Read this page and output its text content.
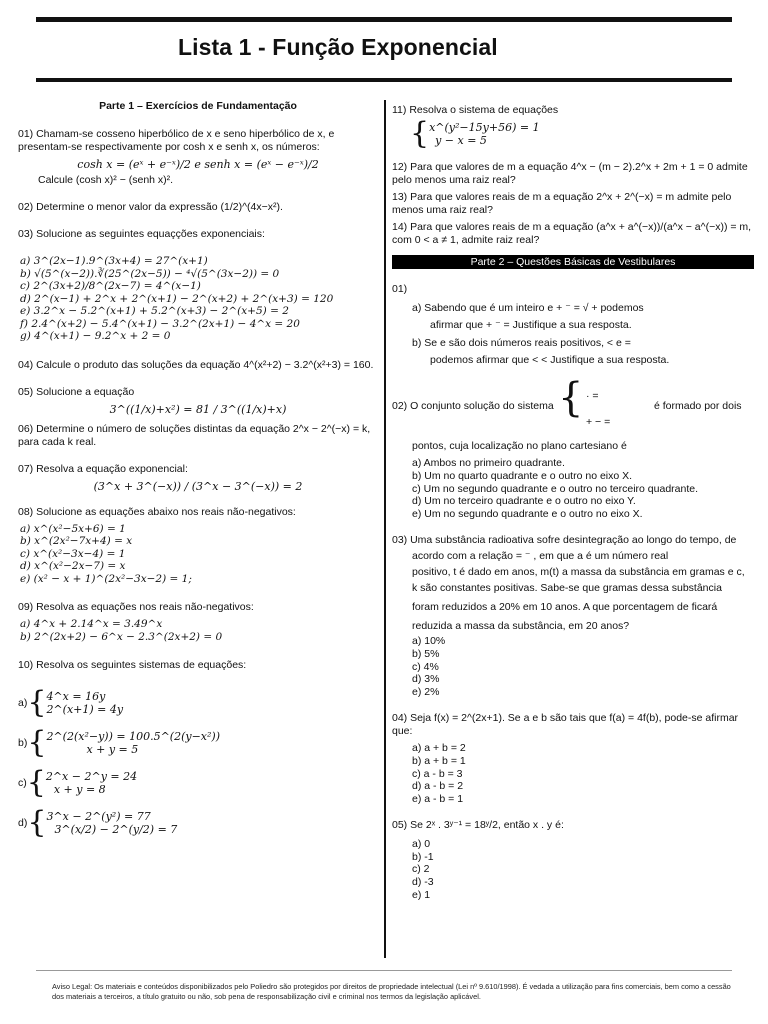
Lista 1 - Função Exponencial
Parte 1 – Exercícios de Fundamentação
01) Chamam-se cosseno hiperbólico de x e seno hiperbólico de x, e presentam-se respectivamente por cosh x e senh x, os números:
cosh x = (eˣ + e⁻ˣ)/2 e senh x = (eˣ − e⁻ˣ)/2
Calcule (cosh x)² − (senh x)².
02) Determine o menor valor da expressão (1/2)^(4x−x²).
03) Solucione as seguintes equaçções exponenciais:
a) 3^(2x−1).9^(3x+4) = 27^(x+1)
b) √(5^(x−2)).∛(25^(2x−5)) − ⁴√(5^(3x−2)) = 0
c) 2^(3x+2)/8^(2x−7) = 4^(x−1)
d) 2^(x−1) + 2^x + 2^(x+1) − 2^(x+2) + 2^(x+3) = 120
e) 3.2^x − 5.2^(x+1) + 5.2^(x+3) − 2^(x+5) = 2
f) 2.4^(x+2) − 5.4^(x+1) − 3.2^(2x+1) − 4^x = 20
g) 4^(x+1) − 9.2^x + 2 = 0
04) Calcule o produto das soluções da equação 4^(x²+2) − 3.2^(x²+3) = 160.
05) Solucione a equação
3^((1/x)+x²) = 81 / 3^((1/x)+x)
06) Determine o número de soluções distintas da equação 2^x − 2^(−x) = k, para cada k real.
07) Resolva a equação exponencial:
(3^x + 3^(−x)) / (3^x − 3^(−x)) = 2
08) Solucione as equações abaixo nos reais não-negativos:
a) x^(x²−5x+6) = 1
b) x^(2x²−7x+4) = x
c) x^(x²−3x−4) = 1
d) x^(x²−2x−7) = x
e) (x² − x + 1)^(2x²−3x−2) = 1;
09) Resolva as equações nos reais não-negativos:
a) 4^x + 2.14^x = 3.49^x
b) 2^(2x+2) − 6^x − 2.3^(2x+2) = 0
10) Resolva os seguintes sistemas de equações:
a){4^x = 16y
2^(x+1) = 4y
b){2^(2(x²−y)) = 100.5^(2(y−x²))
x + y = 5
c){2^x − 2^y = 24
x + y = 8
d){3^x − 2^(y²) = 77
3^(x/2) − 2^(y/2) = 7
11) Resolva o sistema de equações
{x^(y²−15y+56) = 1
y − x = 5
12) Para que valores de m a equação 4^x − (m − 2).2^x + 2m + 1 = 0 admite pelo menos uma raiz real?
13) Para que valores reais de m a equação 2^x + 2^(−x) = m admite pelo menos uma raiz real?
14) Para que valores reais de m a equação (a^x + a^(−x))/(a^x − a^(−x)) = m, com 0 < a ≠ 1, admite raiz real?
Parte 2 – Questões Básicas de Vestibulares
01)
a) Sabendo que é um inteiro e + ⁻ = √ + podemos
afirmar que + ⁻ = Justifique a sua resposta.
b) Se e são dois números reais positivos, < e =
podemos afirmar que < < Justifique a sua resposta.
02) O conjunto solução do sistema { · =
+ − =
é formado por dois
pontos, cuja localização no plano cartesiano é
a) Ambos no primeiro quadrante.
b) Um no quarto quadrante e o outro no eixo X.
c) Um no segundo quadrante e o outro no terceiro quadrante.
d) Um no terceiro quadrante e o outro no eixo Y.
e) Um no segundo quadrante e o outro no eixo X.
03) Uma substância radioativa sofre desintegração ao longo do tempo, de
acordo com a relação = ⁻ , em que a é um número real
positivo, t é dado em anos, m(t) a massa da substância em gramas e c,
k são constantes positivas. Sabe-se que gramas dessa substância
foram reduzidos a 20% em 10 anos. A que porcentagem de ficará
reduzida a massa da substância, em 20 anos?
a) 10%
b) 5%
c) 4%
d) 3%
e) 2%
04) Seja f(x) = 2^(2x+1). Se a e b são tais que f(a) = 4f(b), pode-se afirmar que:
a) a + b = 2
b) a + b = 1
c) a - b = 3
d) a - b = 2
e) a - b = 1
05) Se 2ˣ . 3ʸ⁻¹ = 18ʸ/2, então x . y é:
a) 0
b) -1
c) 2
d) -3
e) 1
Aviso Legal: Os materiais e conteúdos disponibilizados pelo Poliedro são protegidos por direitos de propriedade intelectual (Lei nº 9.610/1998). É vedada a utilização para fins comerciais, bem como a cessão dos materiais a terceiros, a título gratuito ou não, sob pena de responsabilização civil e criminal nos termos da legislação aplicável.
